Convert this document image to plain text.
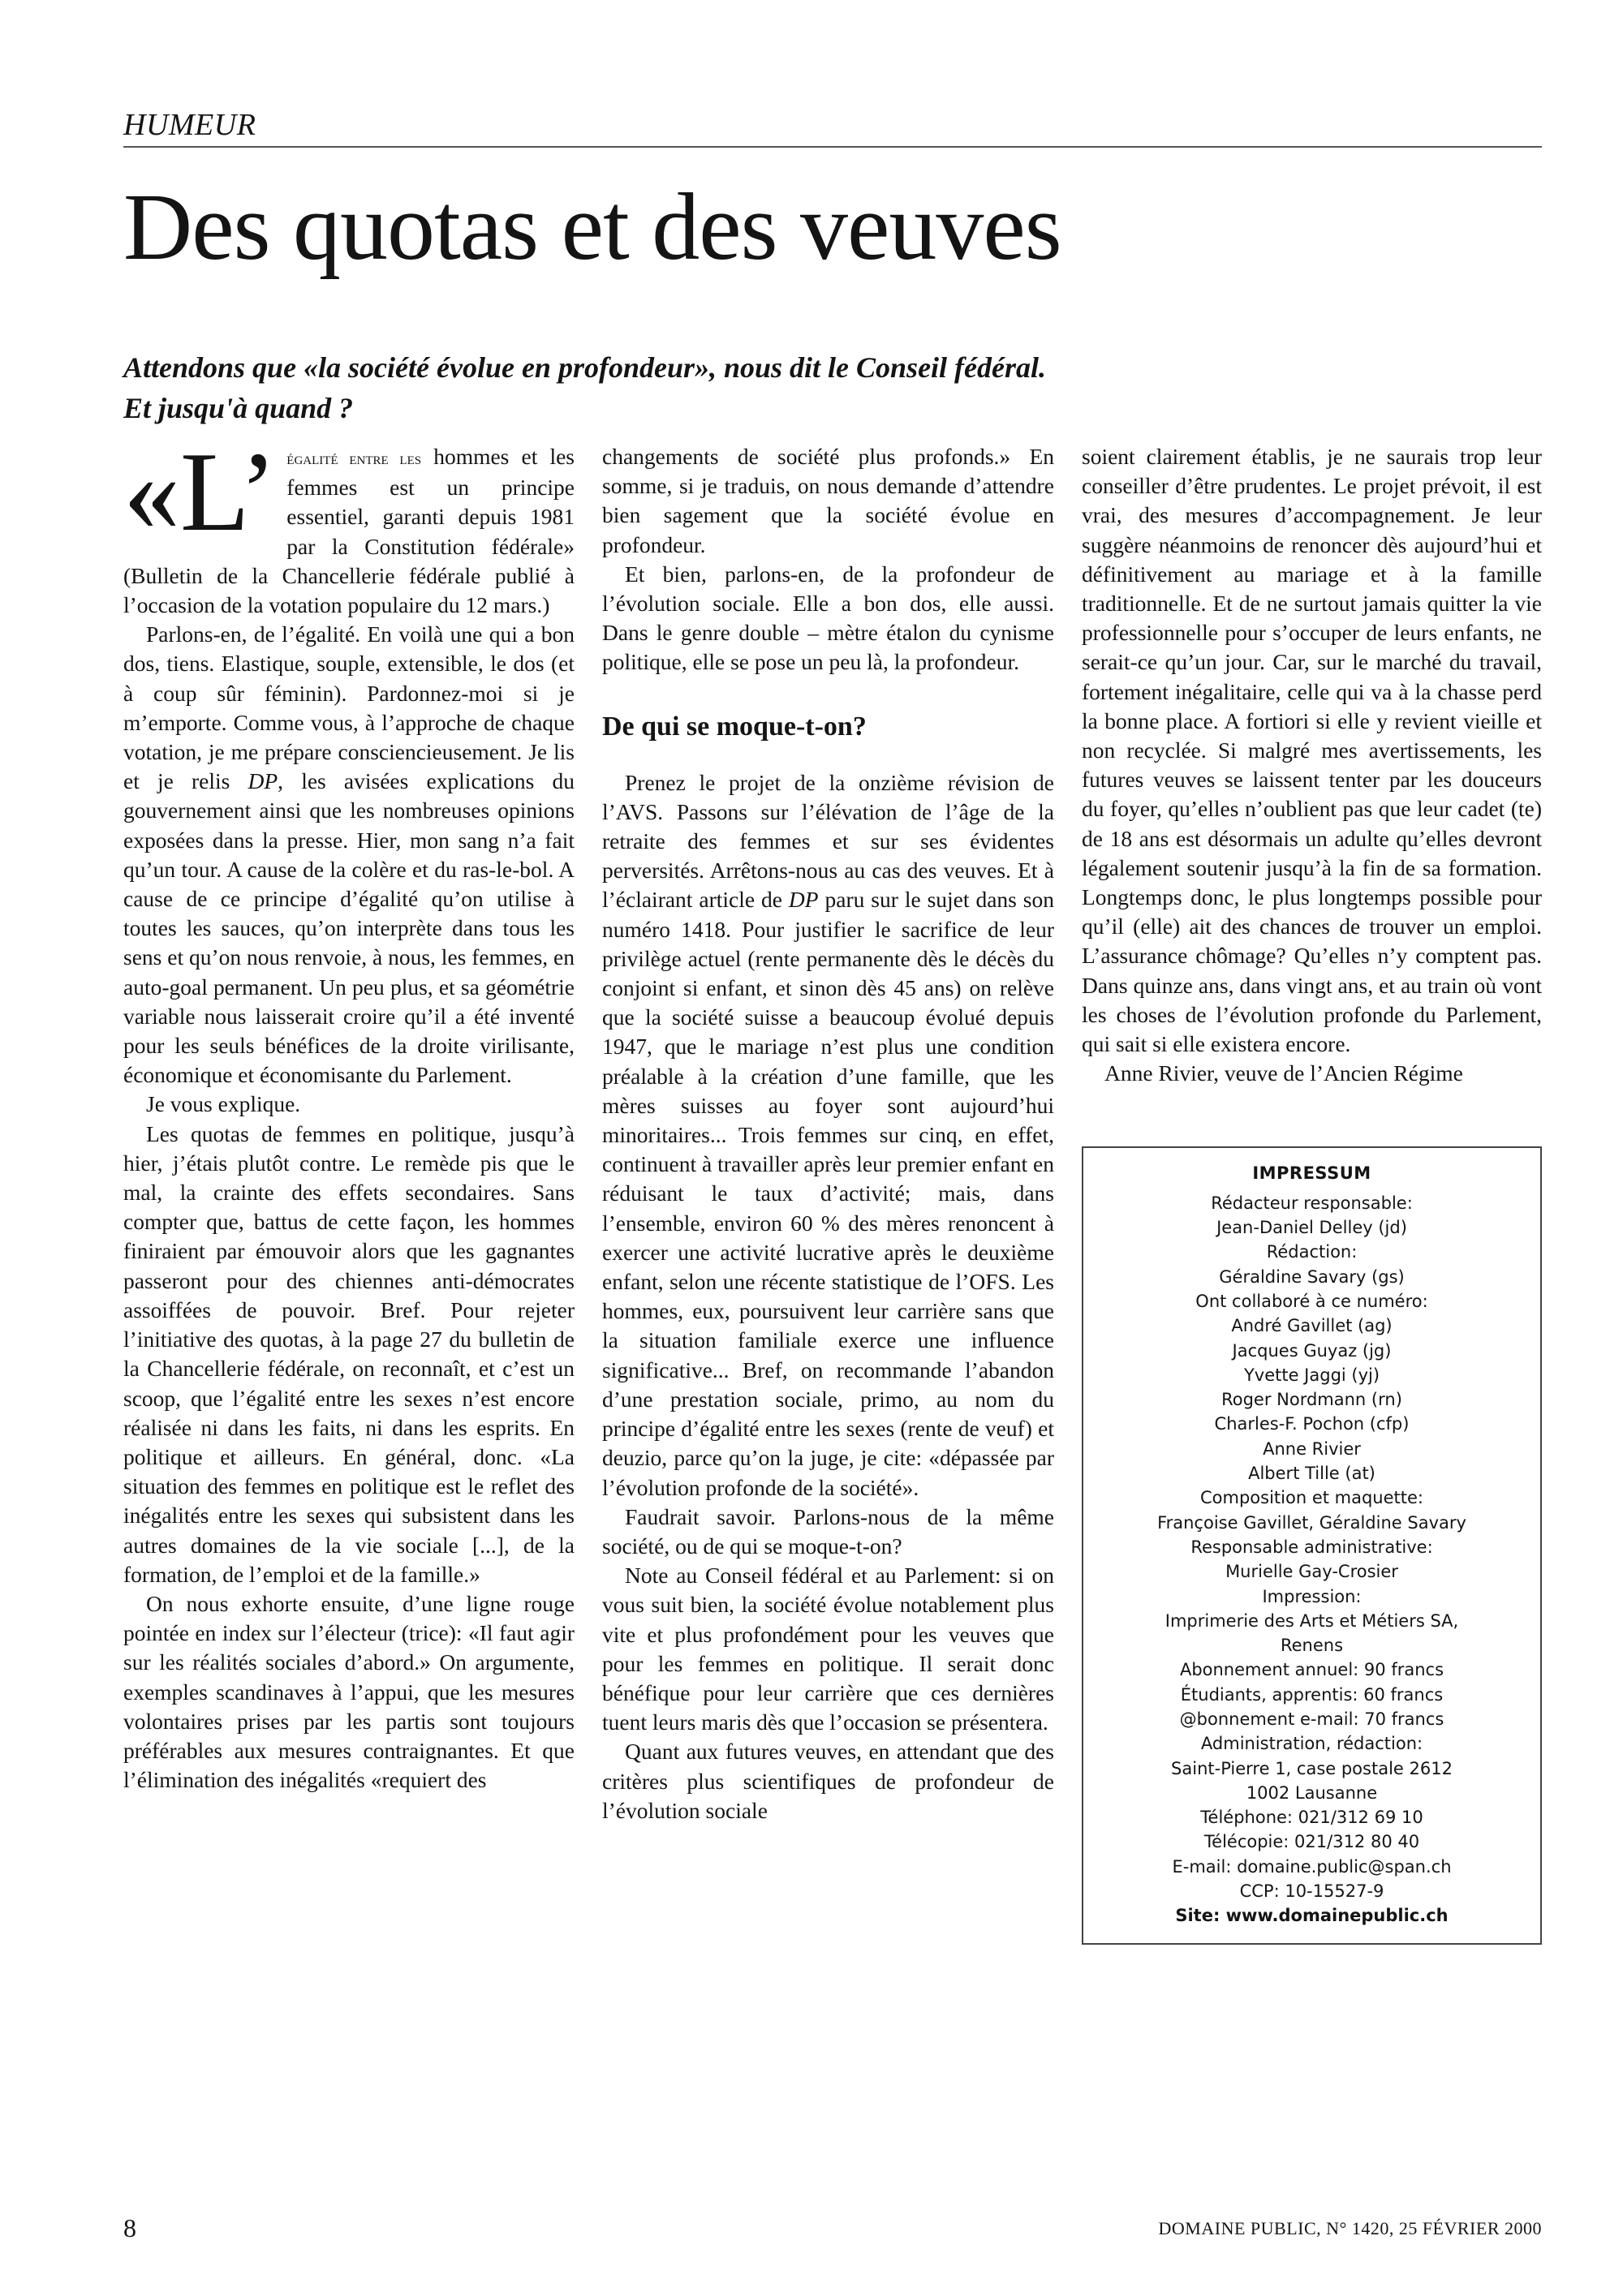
HUMEUR
Des quotas et des veuves
Attendons que «la société évolue en profondeur», nous dit le Conseil fédéral.
Et jusqu'à quand ?

«L’ égalité entre les hommes et les femmes est un principe essentiel, garanti depuis 1981 par la Constitution fédérale» (Bulletin de la Chancellerie fédérale publié à l’occasion de la votation populaire du 12 mars.)

Parlons-en, de l’égalité. En voilà une qui a bon dos, tiens. Elastique, souple, extensible, le dos (et à coup sûr féminin). Pardonnez-moi si je m’emporte. Comme vous, à l’approche de chaque votation, je me prépare consciencieusement. Je lis et je relis DP, les avisées explications du gouvernement ainsi que les nombreuses opinions exposées dans la presse. Hier, mon sang n’a fait qu’un tour. A cause de la colère et du ras-le-bol. A cause de ce principe d’égalité qu’on utilise à toutes les sauces, qu’on interprète dans tous les sens et qu’on nous renvoie, à nous, les femmes, en auto-goal permanent. Un peu plus, et sa géométrie variable nous laisserait croire qu’il a été inventé pour les seuls bénéfices de la droite virilisante, économique et économisante du Parlement.

Je vous explique.

Les quotas de femmes en politique, jusqu’à hier, j’étais plutôt contre. Le remède pis que le mal, la crainte des effets secondaires. Sans compter que, battus de cette façon, les hommes finiraient par émouvoir alors que les gagnantes passeront pour des chiennes anti-démocrates assoiffées de pouvoir. Bref. Pour rejeter l’initiative des quotas, à la page 27 du bulletin de la Chancellerie fédérale, on reconnaît, et c’est un scoop, que l’égalité entre les sexes n’est encore réalisée ni dans les faits, ni dans les esprits. En politique et ailleurs. En général, donc. «La situation des femmes en politique est le reflet des inégalités entre les sexes qui subsistent dans les autres domaines de la vie sociale [...], de la formation, de l’emploi et de la famille.»

On nous exhorte ensuite, d’une ligne rouge pointée en index sur l’électeur (trice): «Il faut agir sur les réalités sociales d’abord.» On argumente, exemples scandinaves à l’appui, que les mesures volontaires prises par les partis sont toujours préférables aux mesures contraignantes. Et que l’élimination des inégalités «requiert des

changements de société plus profonds.» En somme, si je traduis, on nous demande d’attendre bien sagement que la société évolue en profondeur.

Et bien, parlons-en, de la profondeur de l’évolution sociale. Elle a bon dos, elle aussi. Dans le genre double – mètre étalon du cynisme politique, elle se pose un peu là, la profondeur.

De qui se moque-t-on?

Prenez le projet de la onzième révision de l’AVS. Passons sur l’élévation de l’âge de la retraite des femmes et sur ses évidentes perversités. Arrêtons-nous au cas des veuves. Et à l’éclairant article de DP paru sur le sujet dans son numéro 1418. Pour justifier le sacrifice de leur privilège actuel (rente permanente dès le décès du conjoint si enfant, et sinon dès 45 ans) on relève que la société suisse a beaucoup évolué depuis 1947, que le mariage n’est plus une condition préalable à la création d’une famille, que les mères suisses au foyer sont aujourd’hui minoritaires... Trois femmes sur cinq, en effet, continuent à travailler après leur premier enfant en réduisant le taux d’activité; mais, dans l’ensemble, environ 60 % des mères renoncent à exercer une activité lucrative après le deuxième enfant, selon une récente statistique de l’OFS. Les hommes, eux, poursuivent leur carrière sans que la situation familiale exerce une influence significative... Bref, on recommande l’abandon d’une prestation sociale, primo, au nom du principe d’égalité entre les sexes (rente de veuf) et deuzio, parce qu’on la juge, je cite: «dépassée par l’évolution profonde de la société».

Faudrait savoir. Parlons-nous de la même société, ou de qui se moque-t-on?

Note au Conseil fédéral et au Parlement: si on vous suit bien, la société évolue notablement plus vite et plus profondément pour les veuves que pour les femmes en politique. Il serait donc bénéfique pour leur carrière que ces dernières tuent leurs maris dès que l’occasion se présentera.

Quant aux futures veuves, en attendant que des critères plus scientifiques de profondeur de l’évolution sociale

soient clairement établis, je ne saurais trop leur conseiller d’être prudentes. Le projet prévoit, il est vrai, des mesures d’accompagnement. Je leur suggère néanmoins de renoncer dès aujourd’hui et définitivement au mariage et à la famille traditionnelle. Et de ne surtout jamais quitter la vie professionnelle pour s’occuper de leurs enfants, ne serait-ce qu’un jour. Car, sur le marché du travail, fortement inégalitaire, celle qui va à la chasse perd la bonne place. A fortiori si elle y revient vieille et non recyclée. Si malgré mes avertissements, les futures veuves se laissent tenter par les douceurs du foyer, qu’elles n’oublient pas que leur cadet (te) de 18 ans est désormais un adulte qu’elles devront légalement soutenir jusqu’à la fin de sa formation. Longtemps donc, le plus longtemps possible pour qu’il (elle) ait des chances de trouver un emploi. L’assurance chômage? Qu’elles n’y comptent pas. Dans quinze ans, dans vingt ans, et au train où vont les choses de l’évolution profonde du Parlement, qui sait si elle existera encore.

Anne Rivier, veuve de l’Ancien Régime

IMPRESSUM
Rédacteur responsable:
Jean-Daniel Delley (jd)
Rédaction:
Géraldine Savary (gs)
Ont collaboré à ce numéro:
André Gavillet (ag)
Jacques Guyaz (jg)
Yvette Jaggi (yj)
Roger Nordmann (rn)
Charles-F. Pochon (cfp)
Anne Rivier
Albert Tille (at)
Composition et maquette:
Françoise Gavillet, Géraldine Savary
Responsable administrative:
Murielle Gay-Crosier
Impression:
Imprimerie des Arts et Métiers SA,
Renens
Abonnement annuel: 90 francs
Étudiants, apprentis: 60 francs
@bonnement e-mail: 70 francs
Administration, rédaction:
Saint-Pierre 1, case postale 2612
1002 Lausanne
Téléphone: 021/312 69 10
Télécopie: 021/312 80 40
E-mail: domaine.public@span.ch
CCP: 10-15527-9
Site: www.domainepublic.ch
8	DOMAINE PUBLIC, N° 1420, 25 FÉVRIER 2000
